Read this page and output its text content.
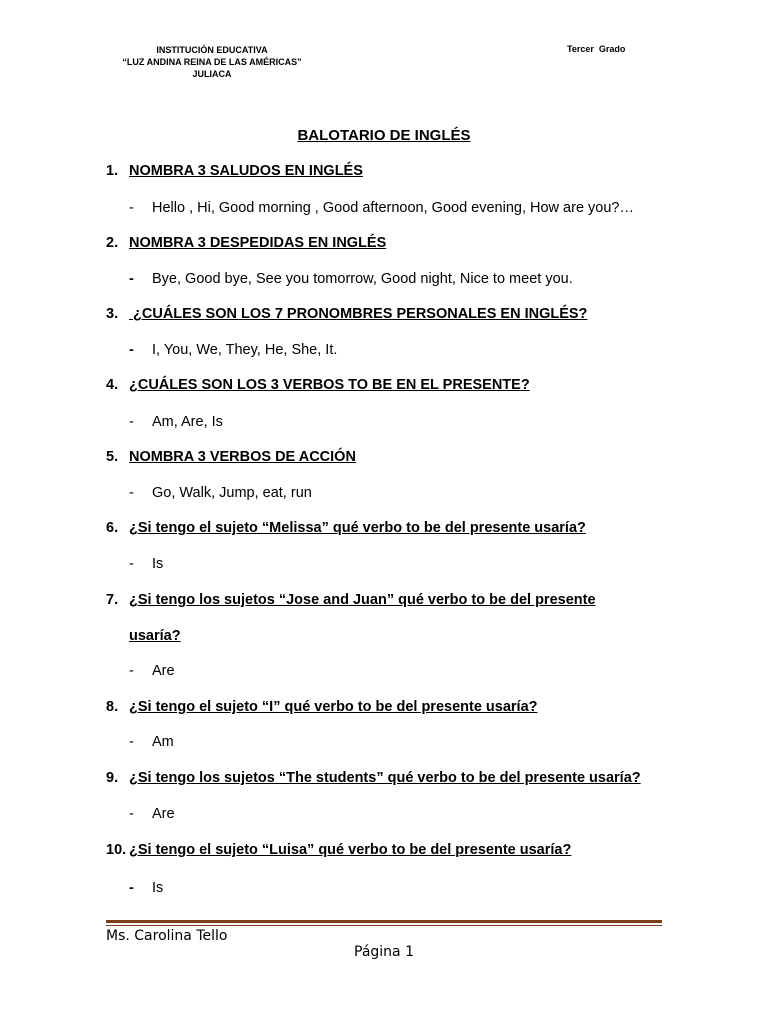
INSTITUCIÓN EDUCATIVA
“LUZ ANDINA REINA DE LAS AMÉRICAS”
JULIACA
Tercer  Grado
BALOTARIO DE INGLÉS
1. NOMBRA 3 SALUDOS EN INGLÉS
- Hello , Hi, Good morning , Good afternoon, Good evening, How are you?…
2. NOMBRA 3 DESPEDIDAS EN INGLÉS
- Bye, Good bye, See you tomorrow, Good night, Nice to meet you.
3. ¿CUÁLES SON LOS 7 PRONOMBRES PERSONALES EN INGLÉS?
- I, You, We, They, He, She, It.
4. ¿CUÁLES SON LOS 3 VERBOS TO BE EN EL PRESENTE?
- Am, Are, Is
5. NOMBRA 3 VERBOS DE ACCIÓN
- Go, Walk, Jump, eat, run
6. ¿Si tengo el sujeto “Melissa” qué verbo to be del presente usaría?
- Is
7. ¿Si tengo los sujetos “Jose and Juan” qué verbo to be del presente
usaría?
- Are
8. ¿Si tengo el sujeto “I” qué verbo to be del presente usaría?
- Am
9. ¿Si tengo los sujetos “The students” qué verbo to be del presente usaría?
- Are
10. ¿Si tengo el sujeto “Luisa” qué verbo to be del presente usaría?
- Is
Ms. Carolina Tello
Página 1
